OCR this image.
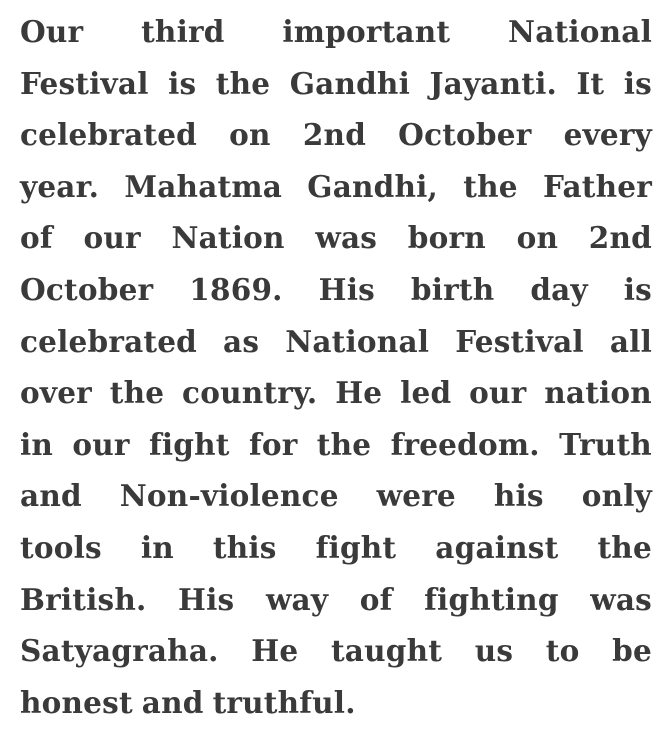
Our third important National
Festival is the Gandhi Jayanti. It is
celebrated on 2nd October every
year. Mahatma Gandhi, the Father
of our Nation was born on 2nd
October 1869. His birth day is
celebrated as National Festival all
over the country. He led our nation
in our fight for the freedom. Truth
and Non-violence were his only
tools in this fight against the
British. His way of fighting was
Satyagraha. He taught us to be
honest and truthful.
